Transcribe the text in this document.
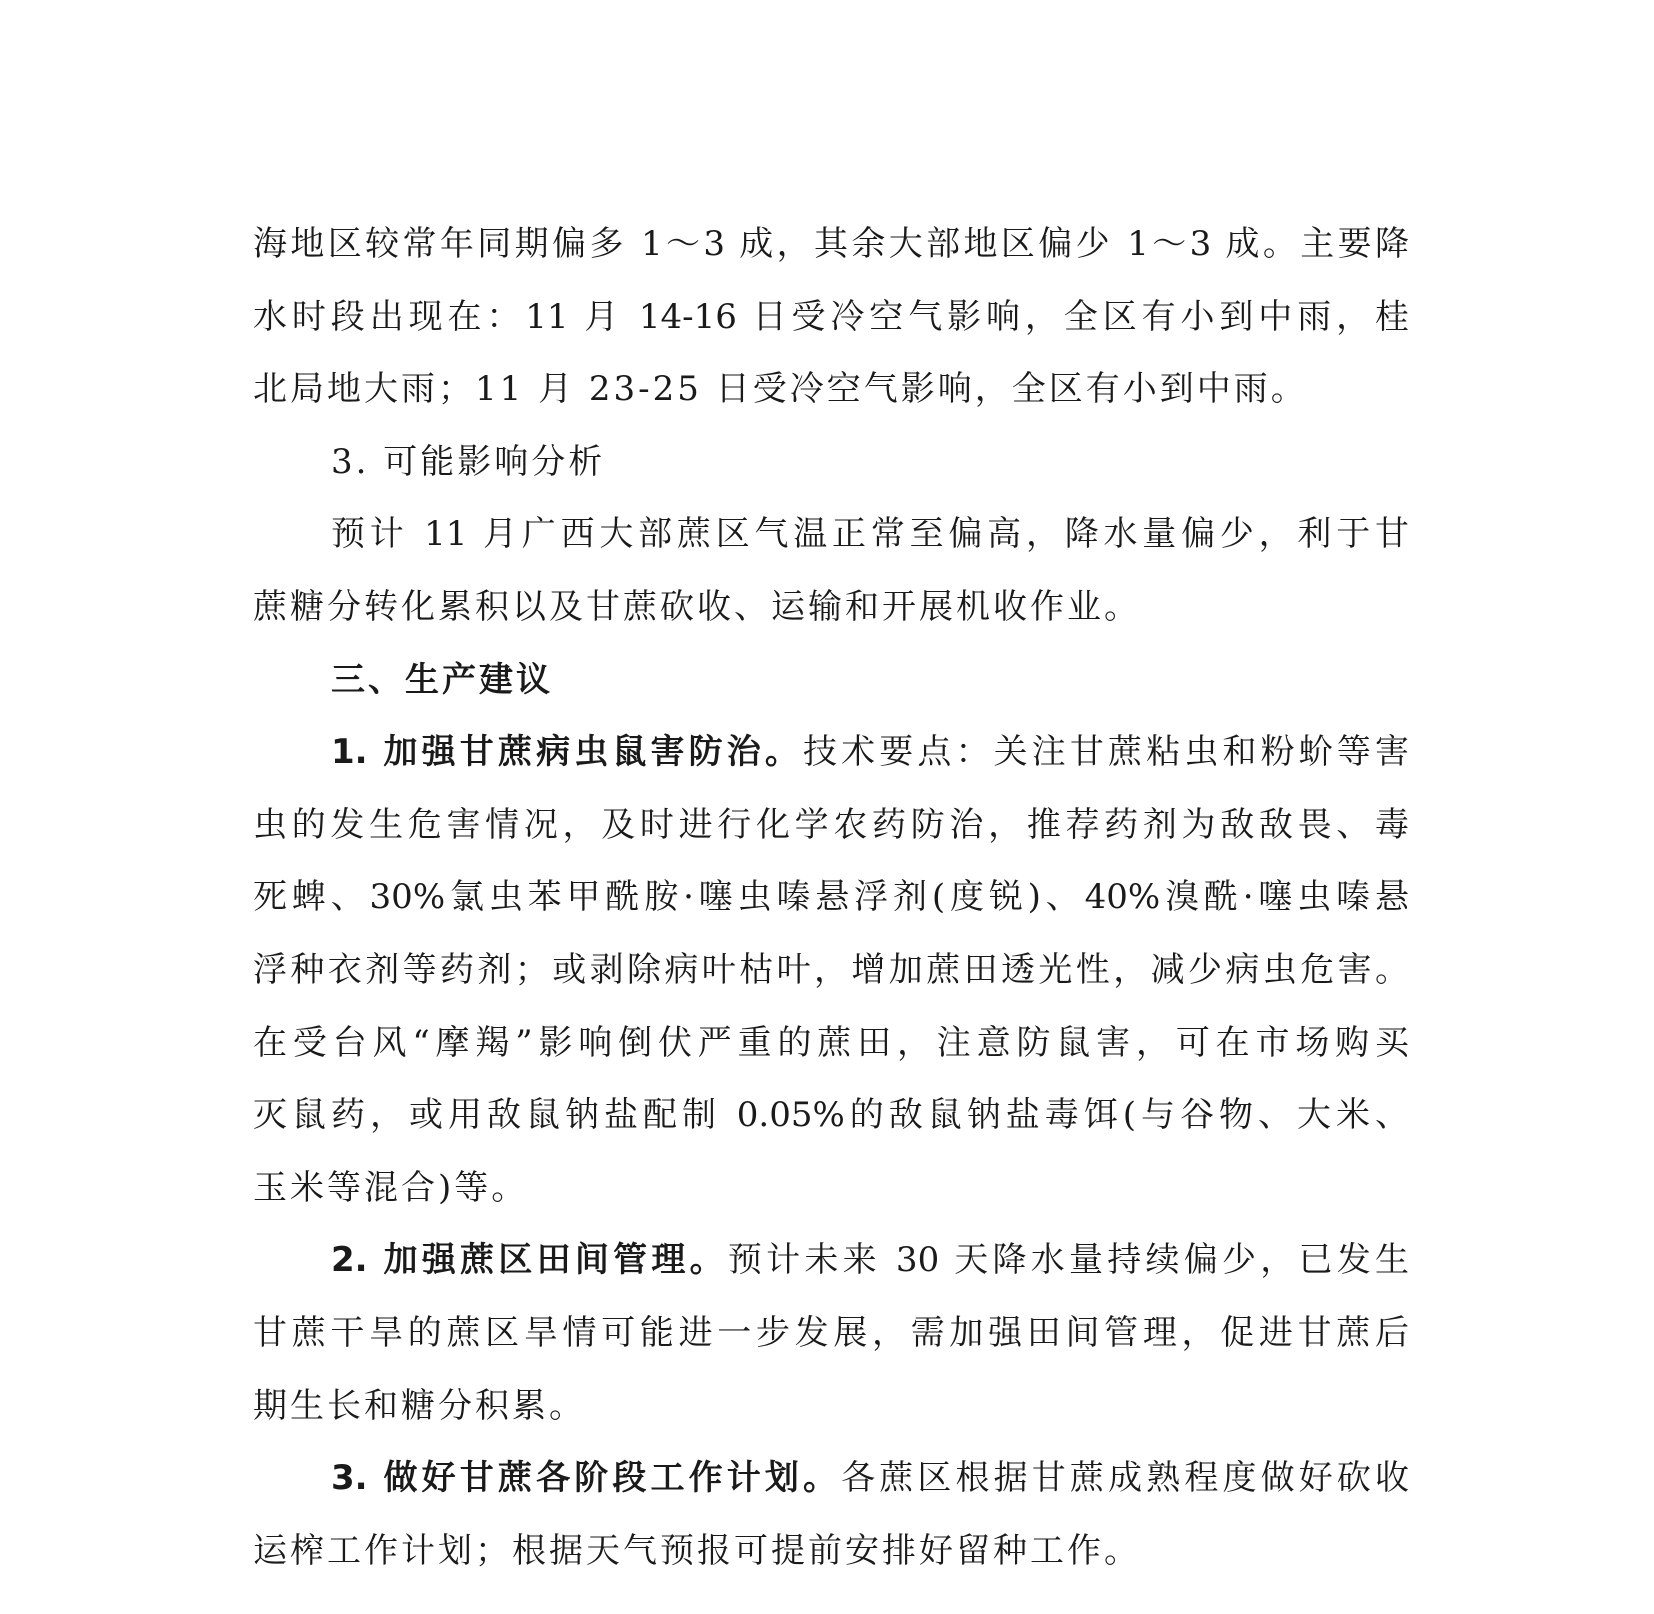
海地区较常年同期偏多 1～3 成，其余大部地区偏少 1～3 成。主要降
水时段出现在：11 月 14-16 日受冷空气影响，全区有小到中雨，桂
北局地大雨；11 月 23-25 日受冷空气影响，全区有小到中雨。
3. 可能影响分析
预计 11 月广西大部蔗区气温正常至偏高，降水量偏少，利于甘
蔗糖分转化累积以及甘蔗砍收、运输和开展机收作业。
三、生产建议
1. 加强甘蔗病虫鼠害防治。技术要点：关注甘蔗粘虫和粉蚧等害
虫的发生危害情况，及时进行化学农药防治，推荐药剂为敌敌畏、毒
死蜱、30%氯虫苯甲酰胺·噻虫嗪悬浮剂(度锐)、40%溴酰·噻虫嗪悬
浮种衣剂等药剂；或剥除病叶枯叶，增加蔗田透光性，减少病虫危害。
在受台风“摩羯”影响倒伏严重的蔗田，注意防鼠害，可在市场购买
灭鼠药，或用敌鼠钠盐配制 0.05%的敌鼠钠盐毒饵(与谷物、大米、
玉米等混合)等。
2. 加强蔗区田间管理。预计未来 30 天降水量持续偏少，已发生
甘蔗干旱的蔗区旱情可能进一步发展，需加强田间管理，促进甘蔗后
期生长和糖分积累。
3. 做好甘蔗各阶段工作计划。各蔗区根据甘蔗成熟程度做好砍收
运榨工作计划；根据天气预报可提前安排好留种工作。
